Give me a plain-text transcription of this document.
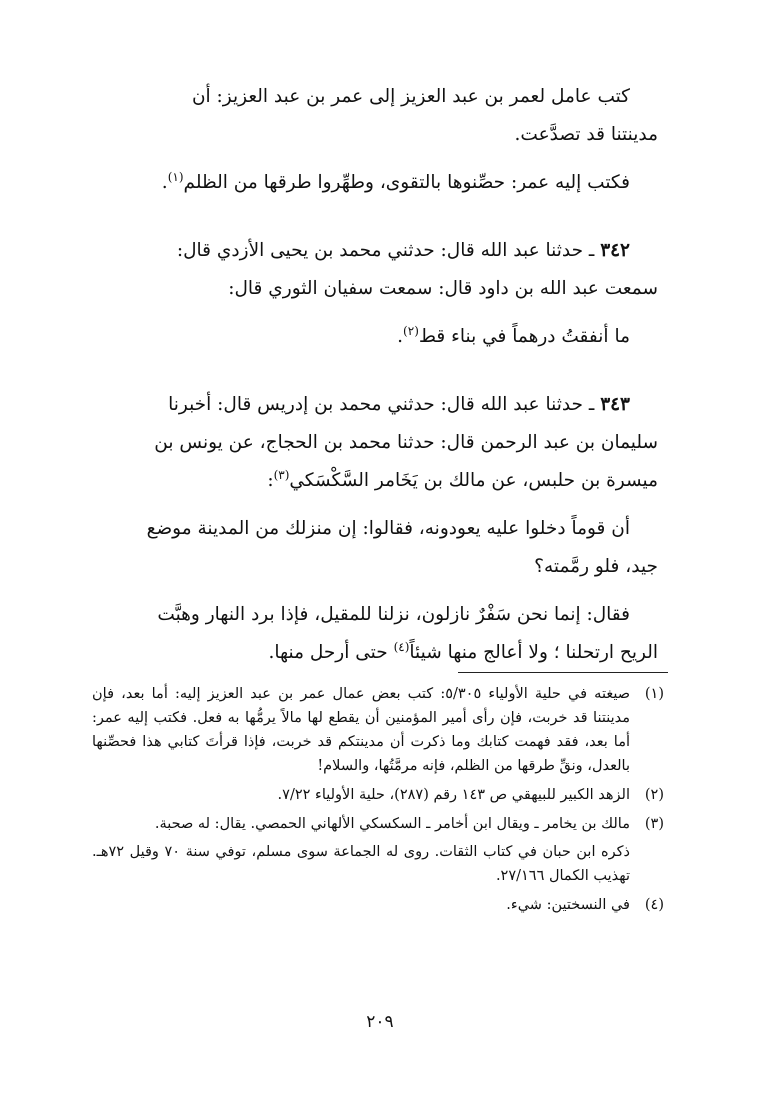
كتب عامل لعمر بن عبد العزيز إلى عمر بن عبد العزيز: أن

مدينتنا قد تصدَّعت.

فكتب إليه عمر: حصِّنوها بالتقوى، وطهِّروا طرقها من الظلم$^{(١)}$.

٣٤٢ ـ حدثنا عبد الله قال: حدثني محمد بن يحيى الأزدي قال:

سمعت عبد الله بن داود قال: سمعت سفيان الثوري قال:

ما أنفقتُ درهماً في بناء قط$^{(٢)}$.

٣٤٣ ـ حدثنا عبد الله قال: حدثني محمد بن إدريس قال: أخبرنا

سليمان بن عبد الرحمن قال: حدثنا محمد بن الحجاج، عن يونس بن

ميسرة بن حلبس، عن مالك بن يَخَامر السَّكْسَكي$^{(٣)}$:

أن قوماً دخلوا عليه يعودونه، فقالوا: إن منزلك من المدينة موضع

جيد، فلو رمَّمته؟

فقال: إنما نحن سَفْرٌ نازلون، نزلنا للمقيل، فإذا برد النهار وهبَّت

الريح ارتحلنا ؛ ولا أعالج منها شيئاً$^{(٤)}$ حتى أرحل منها.

(١)

صيغته في حلية الأولياء ٥/٣٠٥: كتب بعض عمال عمر بن عبد العزيز إليه: أما بعد، فإن مدينتنا قد خربت، فإن رأى أمير المؤمنين أن يقطع لها مالاً يرمُّها به فعل. فكتب إليه عمر: أما بعد، فقد فهمت كتابك وما ذكرت أن مدينتكم قد خربت، فإذا قرأتَ كتابي هذا فحصِّنها بالعدل، ونقِّ طرقها من الظلم، فإنه مرمَّتُها، والسلام!

(٢)

الزهد الكبير للبيهقي ص ١٤٣ رقم (٢٨٧)، حلية الأولياء ٧/٢٢.

(٣)

مالك بن يخامر ـ ويقال ابن أخامر ـ السكسكي الألهاني الحمصي. يقال: له صحبة.

ذكره ابن حبان في كتاب الثقات. روى له الجماعة سوى مسلم، توفي سنة ٧٠ وقيل ٧٢هـ. تهذيب الكمال ٢٧/١٦٦.

(٤)

في النسختين: شيء.

٢٠٩
